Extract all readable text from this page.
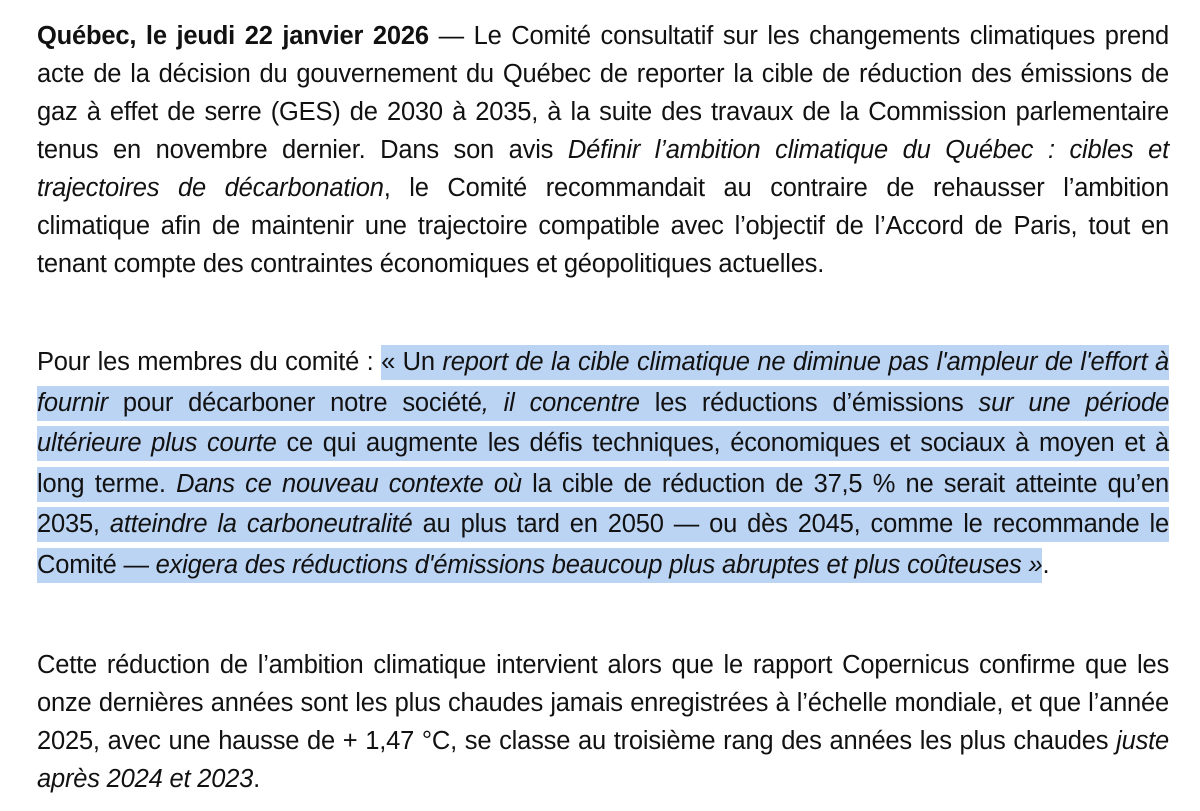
Québec, le jeudi 22 janvier 2026 — Le Comité consultatif sur les changements climatiques prend acte de la décision du gouvernement du Québec de reporter la cible de réduction des émissions de gaz à effet de serre (GES) de 2030 à 2035, à la suite des travaux de la Commission parlementaire tenus en novembre dernier. Dans son avis Définir l’ambition climatique du Québec : cibles et trajectoires de décarbonation, le Comité recommandait au contraire de rehausser l’ambition climatique afin de maintenir une trajectoire compatible avec l’objectif de l’Accord de Paris, tout en tenant compte des contraintes économiques et géopolitiques actuelles.

Pour les membres du comité : « Un report de la cible climatique ne diminue pas l'ampleur de l'effort à fournir pour décarboner notre société, il concentre les réductions d’émissions sur une période ultérieure plus courte ce qui augmente les défis techniques, économiques et sociaux à moyen et à long terme. Dans ce nouveau contexte où la cible de réduction de 37,5 % ne serait atteinte qu’en 2035, atteindre la carboneutralité au plus tard en 2050 — ou dès 2045, comme le recommande le Comité — exigera des réductions d'émissions beaucoup plus abruptes et plus coûteuses ».

Cette réduction de l’ambition climatique intervient alors que le rapport Copernicus confirme que les onze dernières années sont les plus chaudes jamais enregistrées à l’échelle mondiale, et que l’année 2025, avec une hausse de + 1,47 °C, se classe au troisième rang des années les plus chaudes juste après 2024 et 2023.
